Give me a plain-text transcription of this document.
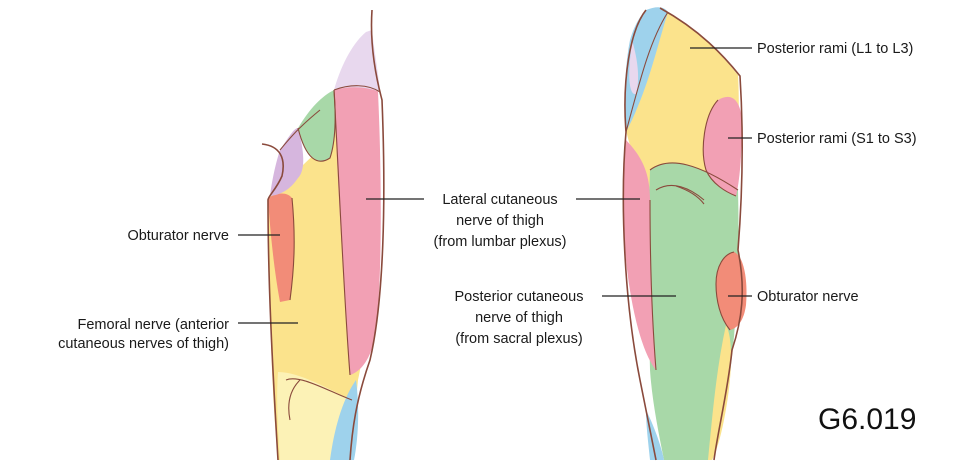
Obturator nerve
Femoral nerve (anterior
cutaneous nerves of thigh)
Lateral cutaneous
nerve of thigh
(from lumbar plexus)
Posterior cutaneous
nerve of thigh
(from sacral plexus)
Posterior rami (L1 to L3)
Posterior rami (S1 to S3)
Obturator nerve
G6.019
